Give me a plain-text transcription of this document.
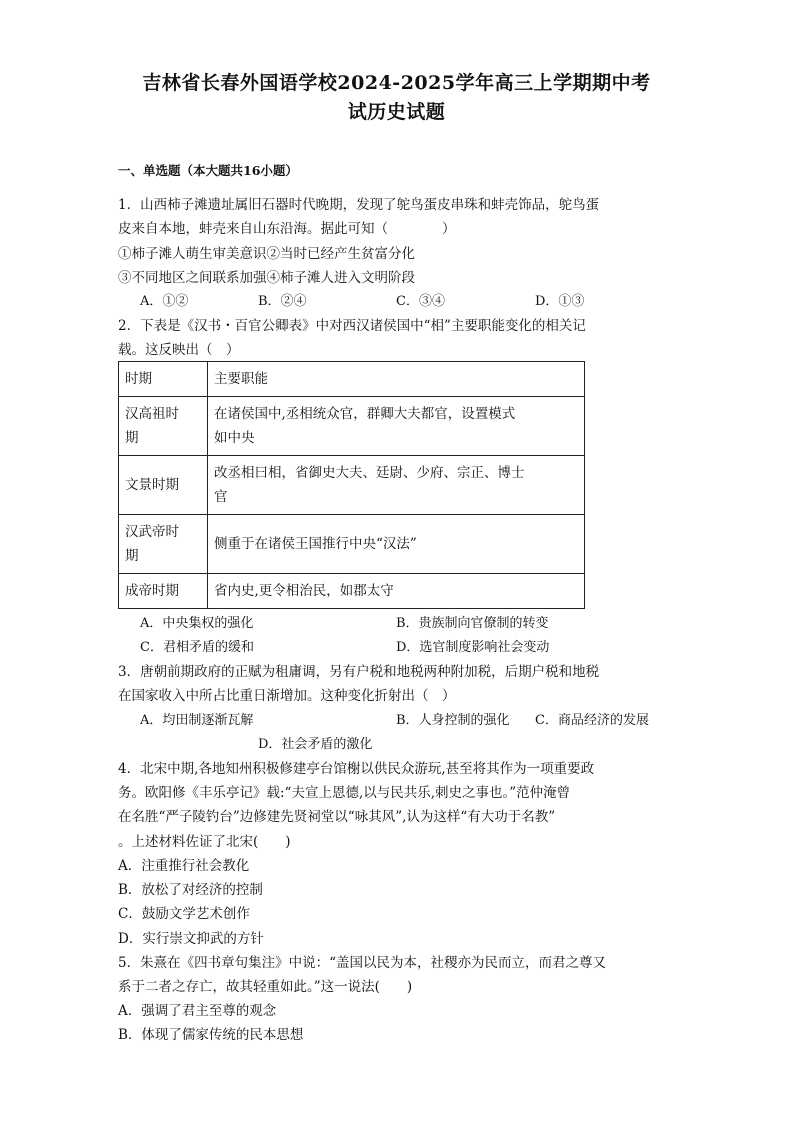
吉林省长春外国语学校2024-2025学年高三上学期期中考
试历史试题
一、单选题（本大题共16小题）
1．山西柿子滩遗址属旧石器时代晚期，发现了鸵鸟蛋皮串珠和蚌壳饰品，鸵鸟蛋
皮来自本地，蚌壳来自山东沿海。据此可知（　　　　）
①柿子滩人萌生审美意识②当时已经产生贫富分化
③不同地区之间联系加强④柿子滩人进入文明阶段
A．①②	B．②④	C．③④	D．①③
2．下表是《汉书・百官公卿表》中对西汉诸侯国中“相”主要职能变化的相关记
载。这反映出（　）
时期	主要职能
汉高祖时
期	在诸侯国中,丞相统众官，群卿大夫都官，设置模式
如中央
文景时期	改丞相曰相，省御史大夫、廷尉、少府、宗正、博士
官
汉武帝时
期	侧重于在诸侯王国推行中央“汉法”
成帝时期	省内史,更令相治民，如郡太守
A．中央集权的强化	B．贵族制向官僚制的转变
C．君相矛盾的缓和	D．选官制度影响社会变动
3．唐朝前期政府的正赋为租庸调，另有户税和地税两种附加税，后期户税和地税
在国家收入中所占比重日渐增加。这种变化折射出（　）
A．均田制逐渐瓦解	B．人身控制的强化 C．商品经济的发展
D．社会矛盾的激化
4．北宋中期,各地知州积极修建亭台馆榭以供民众游玩,甚至将其作为一项重要政
务。欧阳修《丰乐亭记》载:“夫宣上恩德,以与民共乐,刺史之事也。”范仲淹曾
在名胜“严子陵钓台”边修建先贤祠堂以“咏其风”,认为这样“有大功于名教”
。上述材料佐证了北宋(　　)
A．注重推行社会教化
B．放松了对经济的控制
C．鼓励文学艺术创作
D．实行崇文抑武的方针
5．朱熹在《四书章句集注》中说：“盖国以民为本，社稷亦为民而立，而君之尊又
系于二者之存亡，故其轻重如此。”这一说法(　　)
A．强调了君主至尊的观念
B．体现了儒家传统的民本思想
